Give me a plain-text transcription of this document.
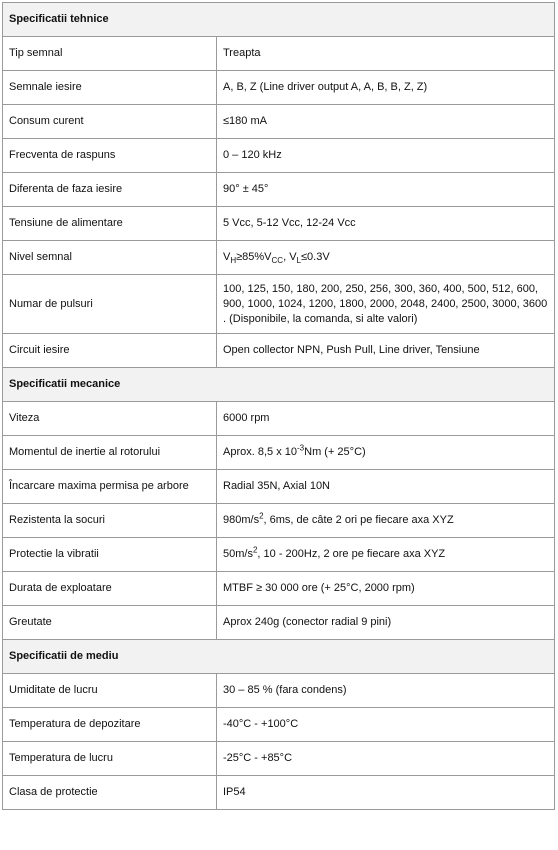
Specificatii tehnice	
Tip semnal	Treapta
Semnale iesire	A, B, Z (Line driver output A, A, B, B, Z, Z)
Consum curent	≤180 mA
Frecventa de raspuns	0 – 120 kHz
Diferenta de faza iesire	90° ± 45°
Tensiune de alimentare	5 Vcc, 5-12 Vcc, 12-24 Vcc
Nivel semnal	$V_H\ge 85\%V_{CC}$, $V_L\le 0.3V$
Numar de pulsuri	100, 125, 150, 180, 200, 250, 256, 300, 360, 400, 500, 512, 600, 900, 1000, 1024, 1200, 1800, 2000, 2048, 2400, 2500, 3000, 3600 . (Disponibile, la comanda, si alte valori)
Circuit iesire	Open collector NPN, Push Pull, Line driver, Tensiune
Specificatii mecanice	
Viteza	6000 rpm
Momentul de inertie al rotorului	Aprox. 8,5 x $10^{-3}Nm$ (+ 25°C)
Încarcare maxima permisa pe arbore	Radial 35N, Axial 10N
Rezistenta la socuri	$980m/s^2$, 6ms, de câte 2 ori pe fiecare axa XYZ
Protectie la vibratii	$50m/s^2$, 10 - 200Hz, 2 ore pe fiecare axa XYZ
Durata de exploatare	MTBF ≥ 30 000 ore (+ 25°C, 2000 rpm)
Greutate	Aprox 240g (conector radial 9 pini)
Specificatii de mediu	
Umiditate de lucru	30 – 85 % (fara condens)
Temperatura de depozitare	-40°C - +100°C
Temperatura de lucru	-25°C - +85°C
Clasa de protectie	IP54
